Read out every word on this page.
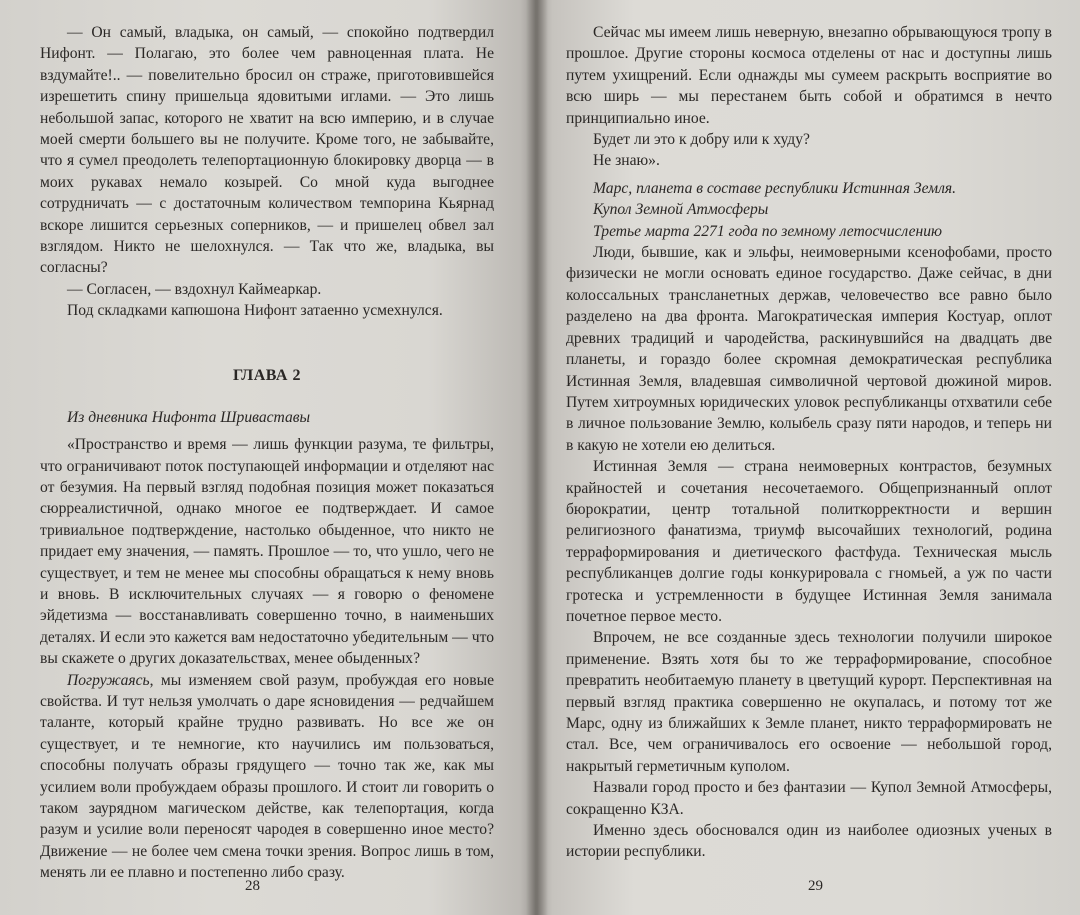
— Он самый, владыка, он самый, — спокойно подтвердил Нифонт. — Полагаю, это более чем равноценная плата. Не вздумайте!.. — повелительно бросил он страже, приготовившейся изрешетить спину пришельца ядовитыми иглами. — Это лишь небольшой запас, которого не хватит на всю империю, и в случае моей смерти большего вы не получите. Кроме того, не забывайте, что я сумел преодолеть телепортационную блокировку дворца — в моих рукавах немало козырей. Со мной куда выгоднее сотрудничать — с достаточным количеством темпорина Кьярнад вскоре лишится серьезных соперников, — и пришелец обвел зал взглядом. Никто не шелохнулся. — Так что же, владыка, вы согласны?

— Согласен, — вздохнул Каймеаркар.

Под складками капюшона Нифонт затаенно усмехнулся.

ГЛАВА 2

Из дневника Нифонта Шриваставы

«Пространство и время — лишь функции разума, те фильтры, что ограничивают поток поступающей информации и отделяют нас от безумия. На первый взгляд подобная позиция может показаться сюрреалистичной, однако многое ее подтверждает. И самое тривиальное подтверждение, настолько обыденное, что никто не придает ему значения, — память. Прошлое — то, что ушло, чего не существует, и тем не менее мы способны обращаться к нему вновь и вновь. В исключительных случаях — я говорю о феномене эйдетизма — восстанавливать совершенно точно, в наименьших деталях. И если это кажется вам недостаточно убедительным — что вы скажете о других доказательствах, менее обыденных?

Погружаясь, мы изменяем свой разум, пробуждая его новые свойства. И тут нельзя умолчать о даре ясновидения — редчайшем таланте, который крайне трудно развивать. Но все же он существует, и те немногие, кто научились им пользоваться, способны получать образы грядущего — точно так же, как мы усилием воли пробуждаем образы прошлого. И стоит ли говорить о таком заурядном магическом действе, как телепортация, когда разум и усилие воли переносят чародея в совершенно иное место? Движение — не более чем смена точки зрения. Вопрос лишь в том, менять ли ее плавно и постепенно либо сразу.

28

Сейчас мы имеем лишь неверную, внезапно обрывающуюся тропу в прошлое. Другие стороны космоса отделены от нас и доступны лишь путем ухищрений. Если однажды мы сумеем раскрыть восприятие во всю ширь — мы перестанем быть собой и обратимся в нечто принципиально иное.

Будет ли это к добру или к худу?

Не знаю».

Марс, планета в составе республики Истинная Земля.

Купол Земной Атмосферы

Третье марта 2271 года по земному летосчислению

Люди, бывшие, как и эльфы, неимоверными ксенофобами, просто физически не могли основать единое государство. Даже сейчас, в дни колоссальных трансланетных держав, человечество все равно было разделено на два фронта. Магократическая империя Костуар, оплот древних традиций и чародейства, раскинувшийся на двадцать две планеты, и гораздо более скромная демократическая республика Истинная Земля, владевшая символичной чертовой дюжиной миров. Путем хитроумных юридических уловок республиканцы отхватили себе в личное пользование Землю, колыбель сразу пяти народов, и теперь ни в какую не хотели ею делиться.

Истинная Земля — страна неимоверных контрастов, безумных крайностей и сочетания несочетаемого. Общепризнанный оплот бюрократии, центр тотальной политкорректности и вершин религиозного фанатизма, триумф высочайших технологий, родина терраформирования и диетического фастфуда. Техническая мысль республиканцев долгие годы конкурировала с гномьей, а уж по части гротеска и устремленности в будущее Истинная Земля занимала почетное первое место.

Впрочем, не все созданные здесь технологии получили широкое применение. Взять хотя бы то же терраформирование, способное превратить необитаемую планету в цветущий курорт. Перспективная на первый взгляд практика совершенно не окупалась, и потому тот же Марс, одну из ближайших к Земле планет, никто терраформировать не стал. Все, чем ограничивалось его освоение — небольшой город, накрытый герметичным куполом.

Назвали город просто и без фантазии — Купол Земной Атмосферы, сокращенно КЗА.

Именно здесь обосновался один из наиболее одиозных ученых в истории республики.

29
